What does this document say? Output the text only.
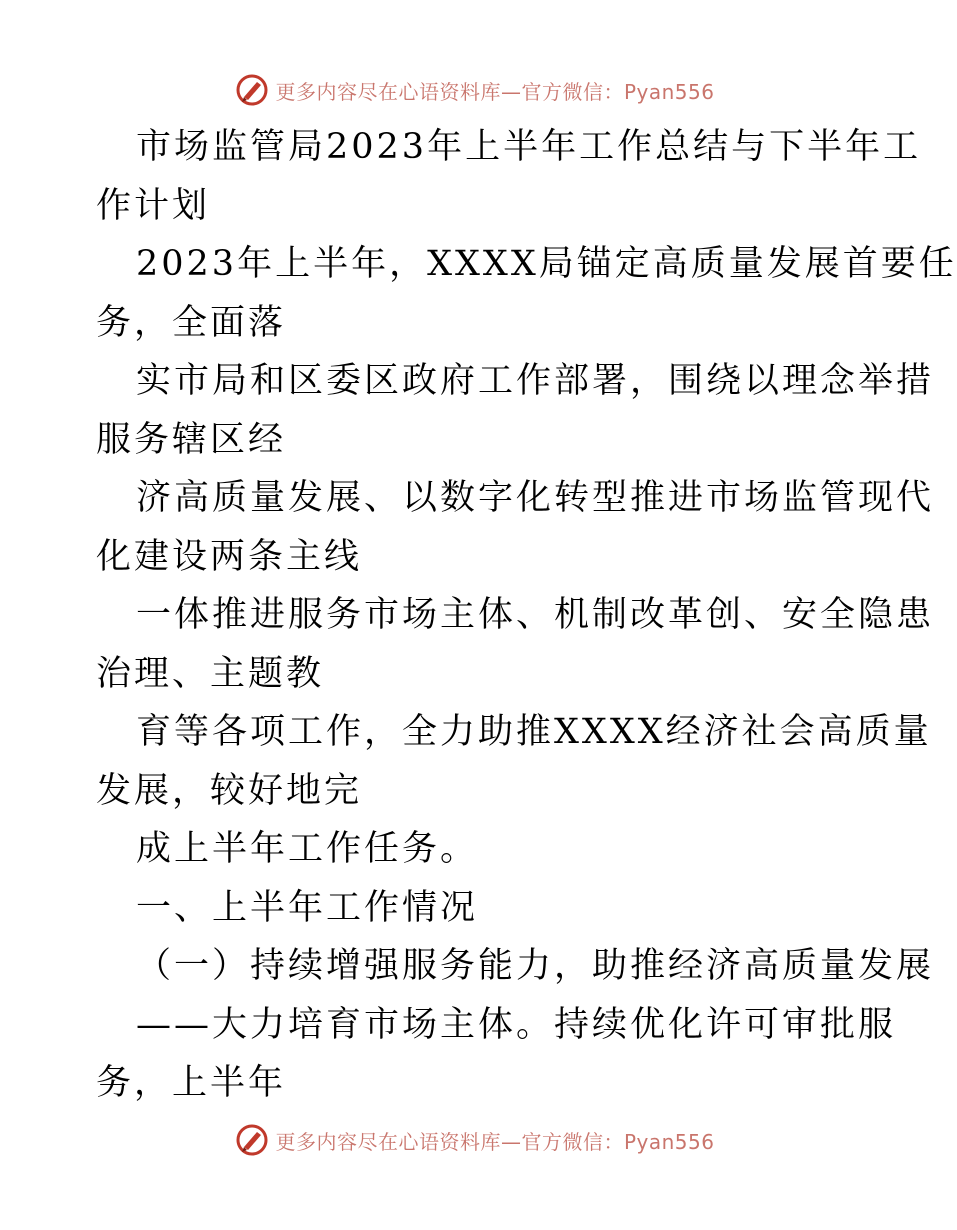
更多内容尽在心语资料库—官方微信：Pyan556
市场监管局2023年上半年工作总结与下半年工
作计划
2023年上半年，XXXX局锚定高质量发展首要任
务，全面落
实市局和区委区政府工作部署，围绕以理念举措
服务辖区经
济高质量发展、以数字化转型推进市场监管现代
化建设两条主线
一体推进服务市场主体、机制改革创、安全隐患
治理、主题教
育等各项工作，全力助推XXXX经济社会高质量
发展，较好地完
成上半年工作任务。
一、上半年工作情况
（一）持续增强服务能力，助推经济高质量发展
——大力培育市场主体。持续优化许可审批服
务，上半年
更多内容尽在心语资料库—官方微信：Pyan556
